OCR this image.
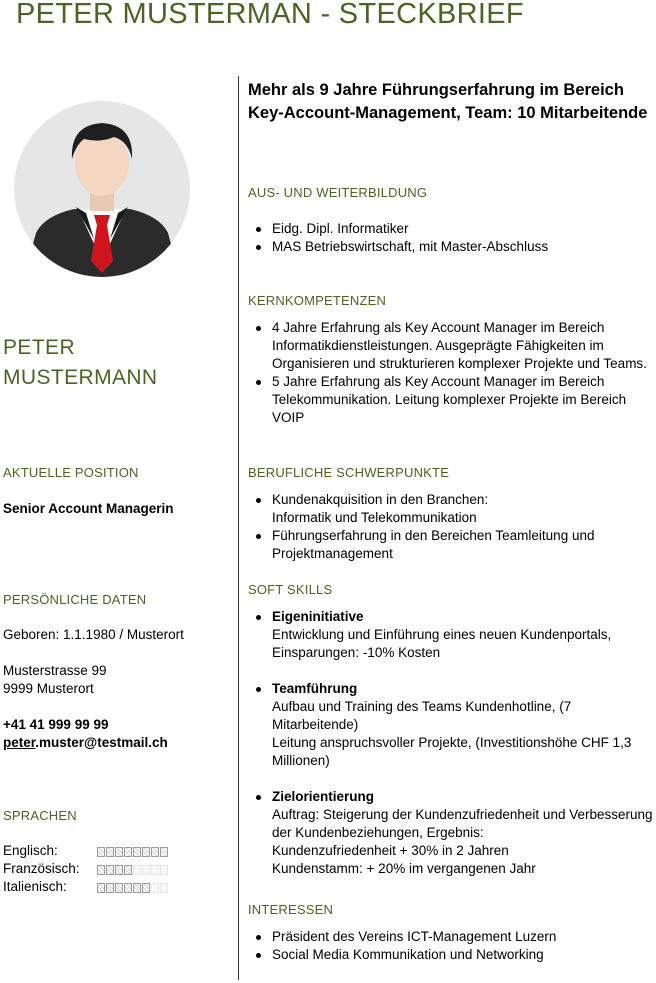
PETER MUSTERMAN - STECKBRIEF
PETER
MUSTERMANN
AKTUELLE POSITION
Senior Account Managerin
PERSÖNLICHE DATEN
Geboren: 1.1.1980 / Musterort
Musterstrasse 99
9999 Musterort
+41 41 999 99 99
peter.muster@testmail.ch
SPRACHEN
Englisch:
Französisch:
Italienisch:
Mehr als 9 Jahre Führungserfahrung im Bereich Key-Account-Management, Team: 10 Mitarbeitende
AUS- UND WEITERBILDUNG
Eidg. Dipl. Informatiker
MAS Betriebswirtschaft, mit Master-Abschluss
KERNKOMPETENZEN
4 Jahre Erfahrung als Key Account Manager im Bereich Informatikdienstleistungen. Ausgeprägte Fähigkeiten im Organisieren und strukturieren komplexer Projekte und Teams.
5 Jahre Erfahrung als Key Account Manager im Bereich Telekommunikation. Leitung komplexer Projekte im Bereich VOIP
BERUFLICHE SCHWERPUNKTE
Kundenakquisition in den Branchen:
Informatik und Telekommunikation
Führungserfahrung in den Bereichen Teamleitung und Projektmanagement
SOFT SKILLS
Eigeninitiative
Entwicklung und Einführung eines neuen Kundenportals, Einsparungen: -10% Kosten
Teamführung
Aufbau und Training des Teams Kundenhotline, (7 Mitarbeitende)
Leitung anspruchsvoller Projekte, (Investitionshöhe CHF 1,3 Millionen)
Zielorientierung
Auftrag: Steigerung der Kundenzufriedenheit und Verbesserung der Kundenbeziehungen, Ergebnis:
Kundenzufriedenheit + 30% in 2 Jahren
Kundenstamm: + 20% im vergangenen Jahr
INTERESSEN
Präsident des Vereins ICT-Management Luzern
Social Media Kommunikation und Networking
